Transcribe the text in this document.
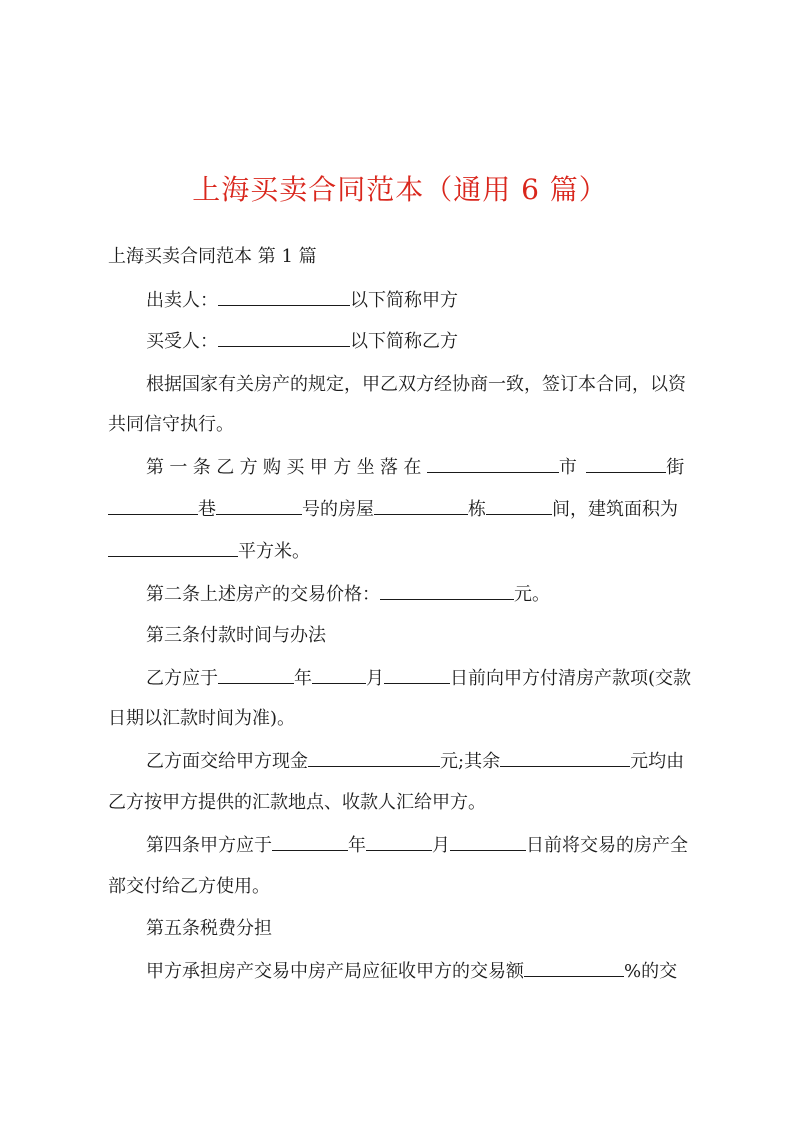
上海买卖合同范本（通用 6 篇）
上海买卖合同范本 第 1 篇
出卖人：	以下简称甲方
买受人：	以下简称乙方
根据国家有关房产的规定，甲乙双方经协商一致，签订本合同，以资
共同信守执行。
第一条乙方购买甲方坐落在	市	街
巷	号的房屋	栋	间，建筑面积为
平方米。
第二条上述房产的交易价格：	元。
第三条付款时间与办法
乙方应于	年	月	日前向甲方付清房产款项(交款
日期以汇款时间为准)。
乙方面交给甲方现金	元;其余	元均由
乙方按甲方提供的汇款地点、收款人汇给甲方。
第四条甲方应于	年	月	日前将交易的房产全
部交付给乙方使用。
第五条税费分担
甲方承担房产交易中房产局应征收甲方的交易额	%的交
